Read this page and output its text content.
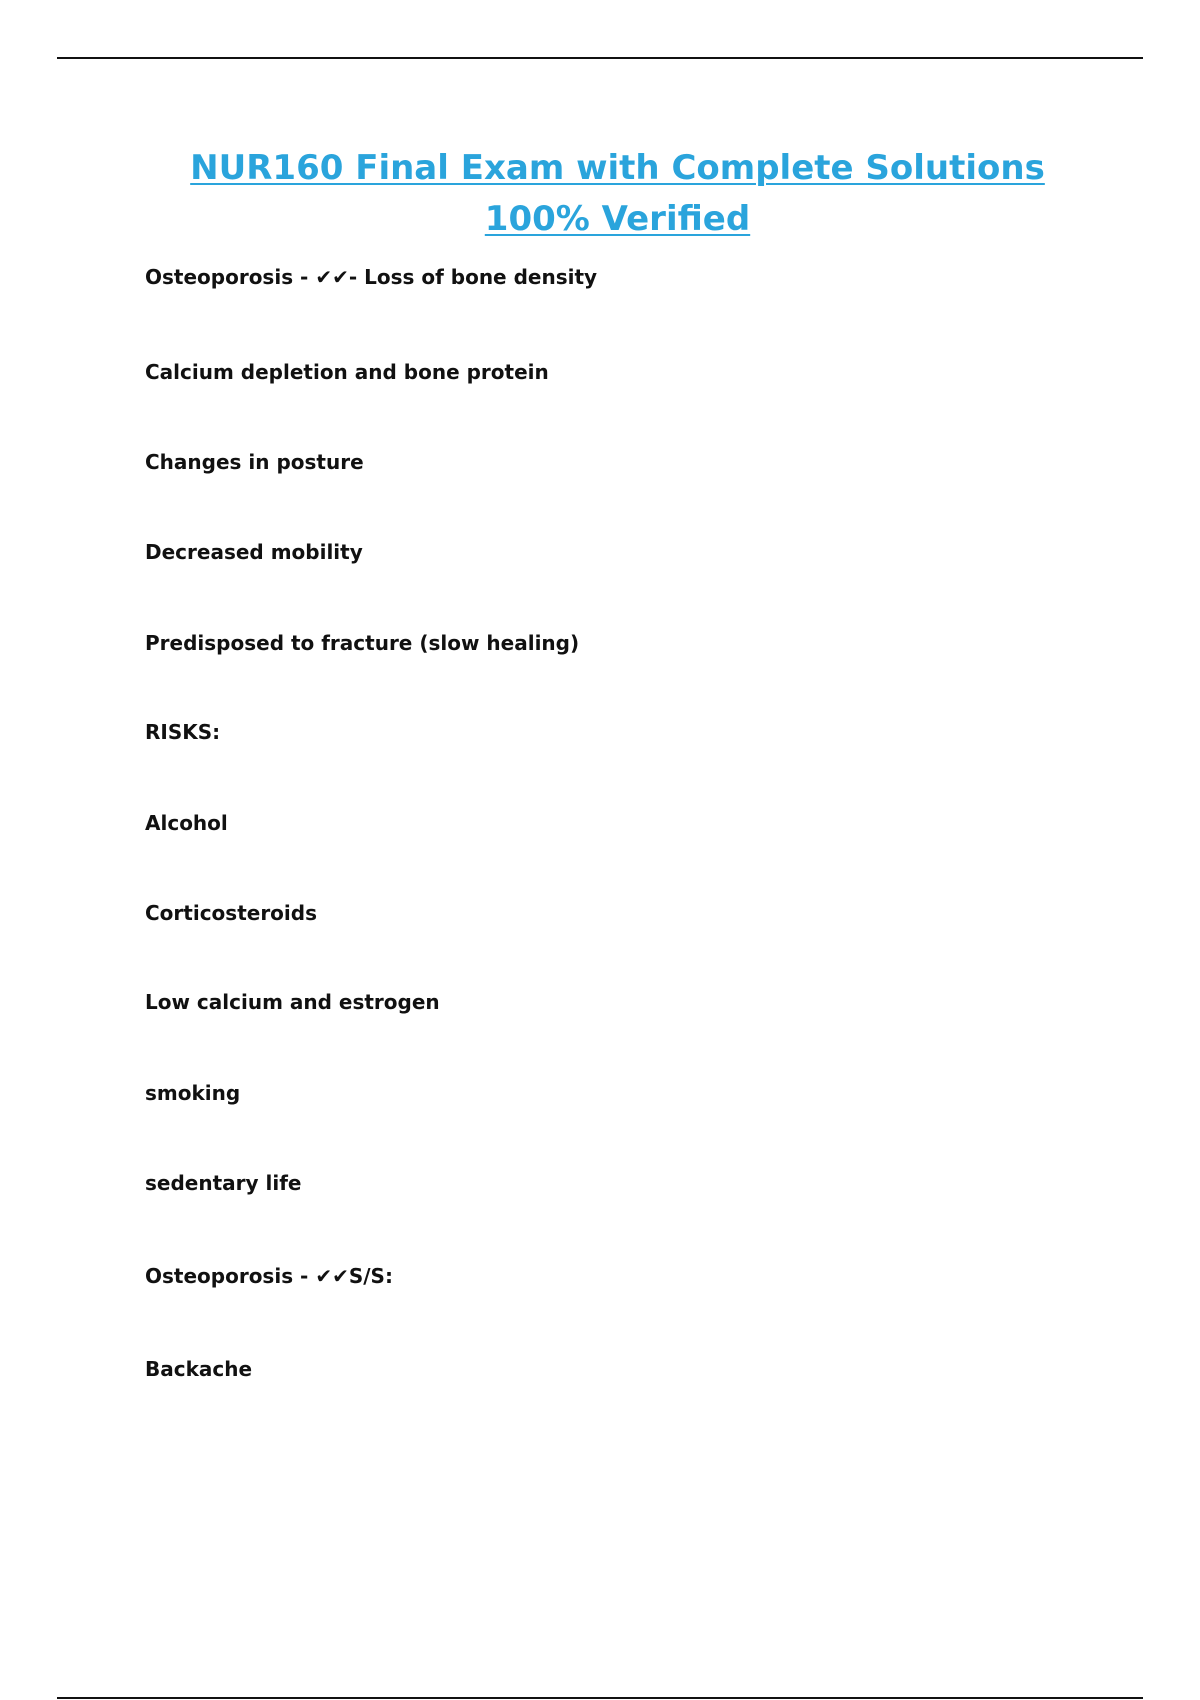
NUR160 Final Exam with Complete Solutions 100% Verified

Osteoporosis - ✔✔- Loss of bone density

Calcium depletion and bone protein

Changes in posture

Decreased mobility

Predisposed to fracture (slow healing)

RISKS:

Alcohol

Corticosteroids

Low calcium and estrogen

smoking

sedentary life

Osteoporosis - ✔✔S/S:

Backache
